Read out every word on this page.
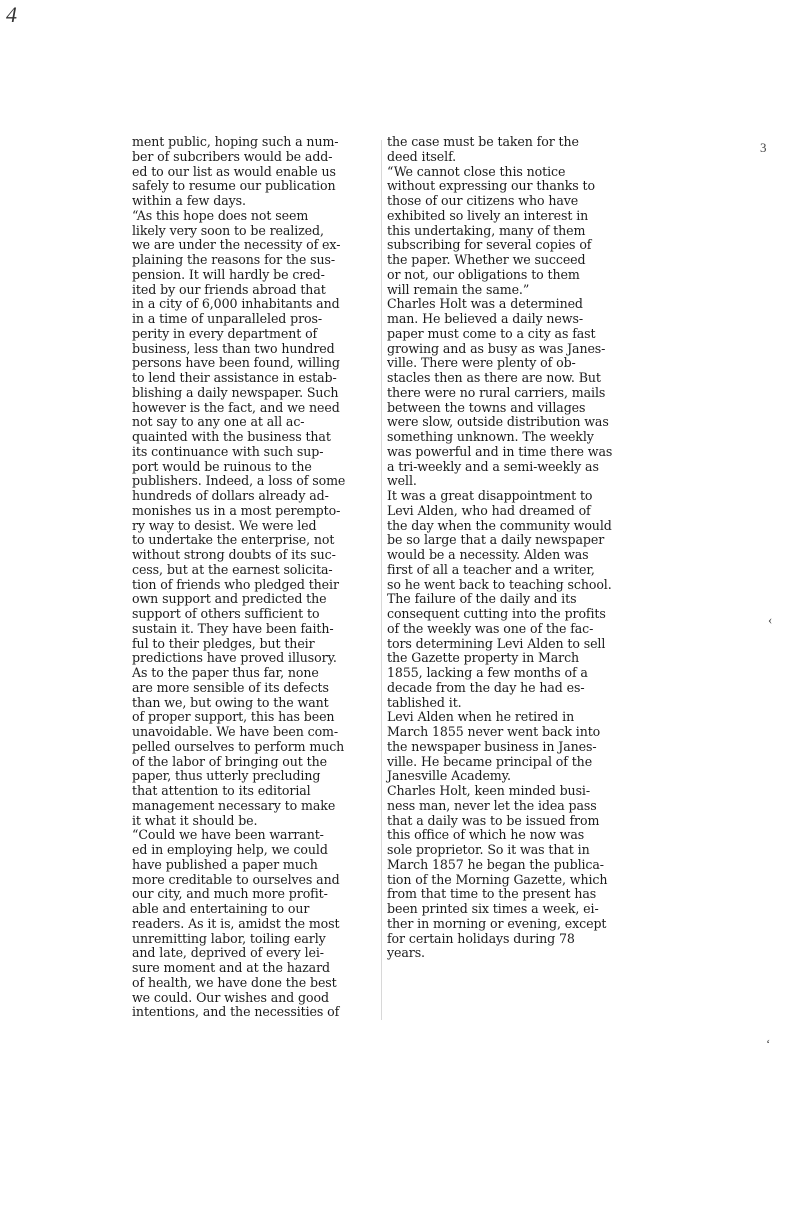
4
ment public, hoping such a num-
ber of subcribers would be add-
ed to our list as would enable us
safely to resume our publication
within a few days.
“As this hope does not seem
likely very soon to be realized,
we are under the necessity of ex-
plaining the reasons for the sus-
pension. It will hardly be cred-
ited by our friends abroad that
in a city of 6,000 inhabitants and
in a time of unparalleled pros-
perity in every department of
business, less than two hundred
persons have been found, willing
to lend their assistance in estab-
blishing a daily newspaper. Such
however is the fact, and we need
not say to any one at all ac-
quainted with the business that
its continuance with such sup-
port would be ruinous to the
publishers. Indeed, a loss of some
hundreds of dollars already ad-
monishes us in a most perempto-
ry way to desist. We were led
to undertake the enterprise, not
without strong doubts of its suc-
cess, but at the earnest solicita-
tion of friends who pledged their
own support and predicted the
support of others sufficient to
sustain it. They have been faith-
ful to their pledges, but their
predictions have proved illusory.
As to the paper thus far, none
are more sensible of its defects
than we, but owing to the want
of proper support, this has been
unavoidable. We have been com-
pelled ourselves to perform much
of the labor of bringing out the
paper, thus utterly precluding
that attention to its editorial
management necessary to make
it what it should be.
“Could we have been warrant-
ed in employing help, we could
have published a paper much
more creditable to ourselves and
our city, and much more profit-
able and entertaining to our
readers. As it is, amidst the most
unremitting labor, toiling early
and late, deprived of every lei-
sure moment and at the hazard
of health, we have done the best
we could. Our wishes and good
intentions, and the necessities of
the case must be taken for the
deed itself.
“We cannot close this notice
without expressing our thanks to
those of our citizens who have
exhibited so lively an interest in
this undertaking, many of them
subscribing for several copies of
the paper. Whether we succeed
or not, our obligations to them
will remain the same.”
Charles Holt was a determined
man. He believed a daily news-
paper must come to a city as fast
growing and as busy as was Janes-
ville. There were plenty of ob-
stacles then as there are now. But
there were no rural carriers, mails
between the towns and villages
were slow, outside distribution was
something unknown. The weekly
was powerful and in time there was
a tri-weekly and a semi-weekly as
well.
It was a great disappointment to
Levi Alden, who had dreamed of
the day when the community would
be so large that a daily newspaper
would be a necessity. Alden was
first of all a teacher and a writer,
so he went back to teaching school.
The failure of the daily and its
consequent cutting into the profits
of the weekly was one of the fac-
tors determining Levi Alden to sell
the Gazette property in March
1855, lacking a few months of a
decade from the day he had es-
tablished it.
Levi Alden when he retired in
March 1855 never went back into
the newspaper business in Janes-
ville. He became principal of the
Janesville Academy.
Charles Holt, keen minded busi-
ness man, never let the idea pass
that a daily was to be issued from
this office of which he now was
sole proprietor. So it was that in
March 1857 he began the publica-
tion of the Morning Gazette, which
from that time to the present has
been printed six times a week, ei-
ther in morning or evening, except
for certain holidays during 78
years.
3
‹
‘
